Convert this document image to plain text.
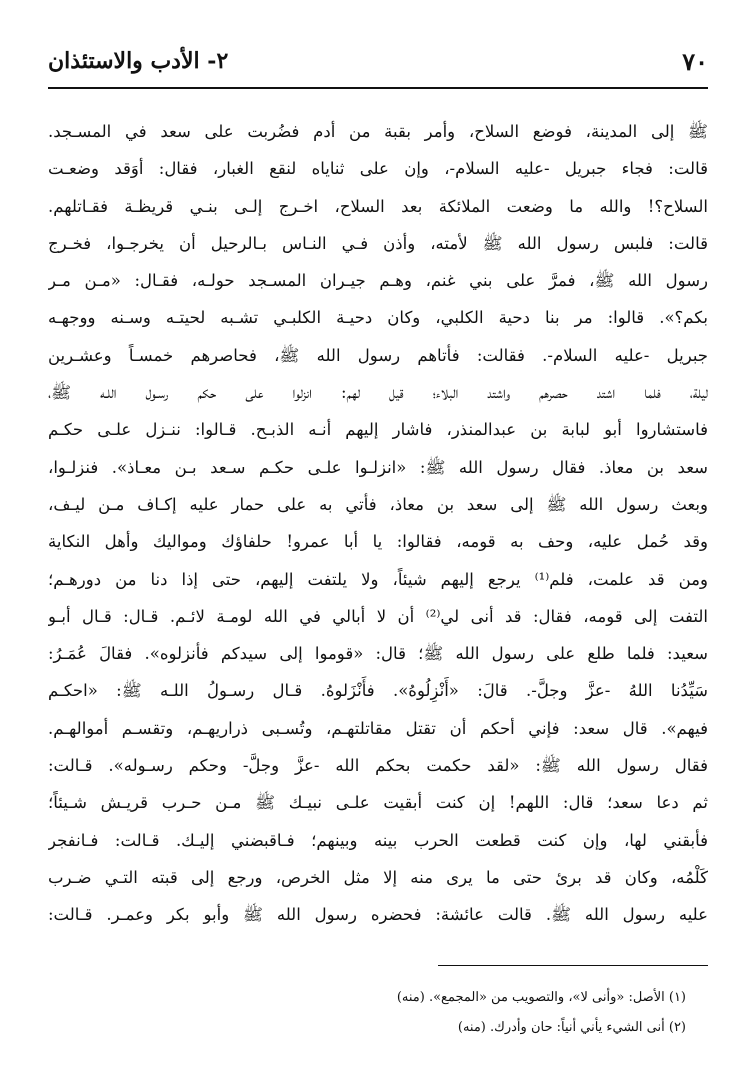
٧٠
٢- الأدب والاستئذان
ﷺ إلى المدينة، فوضع السلاح، وأمر بقبة من أدم فضُربت على سعد في المسـجد.
قالت: فجاء جبريل -عليه السلام-، وإن على ثناياه لنقع الغبار، فقال: أوَقد وضعـت
السلاح؟! والله ما وضعت الملائكة بعد السلاح، اخـرج إلـى بنـي قريظـة فقـاتلهم.
قالت: فلبس رسول الله ﷺ لأمته، وأذن فـي النـاس بـالرحيل أن يخرجـوا، فخـرج
رسول الله ﷺ، فمرَّ على بني غنم، وهـم جيـران المسـجد حولـه، فقـال: «مـن مـر
بكم؟». قالوا: مر بنا دحية الكلبي، وكان دحيـة الكلبـي تشـبه لحيتـه وسـنه ووجهـه
جبريل -عليه السلام-. فقالت: فأتاهم رسول الله ﷺ، فحاصرهم خمسـاً وعشـرين
ليلة، فلما اشتد حصرهم واشتد البلاء؛ قيل لهم: انزلوا على حكم رسـول اللـه ﷺ،
فاستشاروا أبو لبابة بن عبدالمنذر، فاشار إليهم أنـه الذبـح. قـالوا: ننـزل علـى حكـم
سعد بن معاذ. فقال رسول الله ﷺ: «انزلـوا علـى حكـم سـعد بـن معـاذ». فنزلـوا،
وبعث رسول الله ﷺ إلى سعد بن معاذ، فأتي به على حمار عليه إكـاف مـن ليـف،
وقد حُمل عليه، وحف به قومه، فقالوا: يا أبا عمرو! حلفاؤك ومواليك وأهل النكاية
ومن قد علمت، فلم⁽¹⁾ يرجع إليهم شيئاً، ولا يلتفت إليهم، حتى إذا دنا من دورهـم؛
التفت إلى قومه، فقال: قد أنى لي⁽²⁾ أن لا أبالي في الله لومـة لائـم. قـال: قـال أبـو
سعيد: فلما طلع على رسول الله ﷺ؛ قال: «قوموا إلى سيدكم فأنزلوه». فقالَ عُمَـرُ:
سَيِّدُنا اللهُ -عزَّ وجلَّ-. قالَ: «أَنْزِلُوهُ». فأَنْزَلوهُ. قـال رسـولُ اللـه ﷺ: «احكـم
فيهم». قال سعد: فإني أحكم أن تقتل مقاتلتهـم، وتُسـبى ذراريهـم، وتقسـم أموالهـم.
فقال رسول الله ﷺ: «لقد حكمت بحكم الله -عزَّ وجلَّ- وحكم رسـوله». قـالت:
ثم دعا سعد؛ قال: اللهم! إن كنت أبقيت علـى نبيـك ﷺ مـن حـرب قريـش شـيئاً؛
فأبقني لها، وإن كنت قطعت الحرب بينه وبينهم؛ فـاقبضني إليـك. قـالت: فـانفجر
كَلْمُه، وكان قد برئ حتى ما يرى منه إلا مثل الخرص، ورجع إلى قبته التـي ضـرب
عليه رسول الله ﷺ. قالت عائشة: فحضره رسول الله ﷺ وأبو بكر وعمـر. قـالت:
(١) الأصل: «وأنى لا»، والتصويب من «المجمع». (منه)
(٢) أنى الشيء يأني أنياً: حان وأدرك. (منه)
